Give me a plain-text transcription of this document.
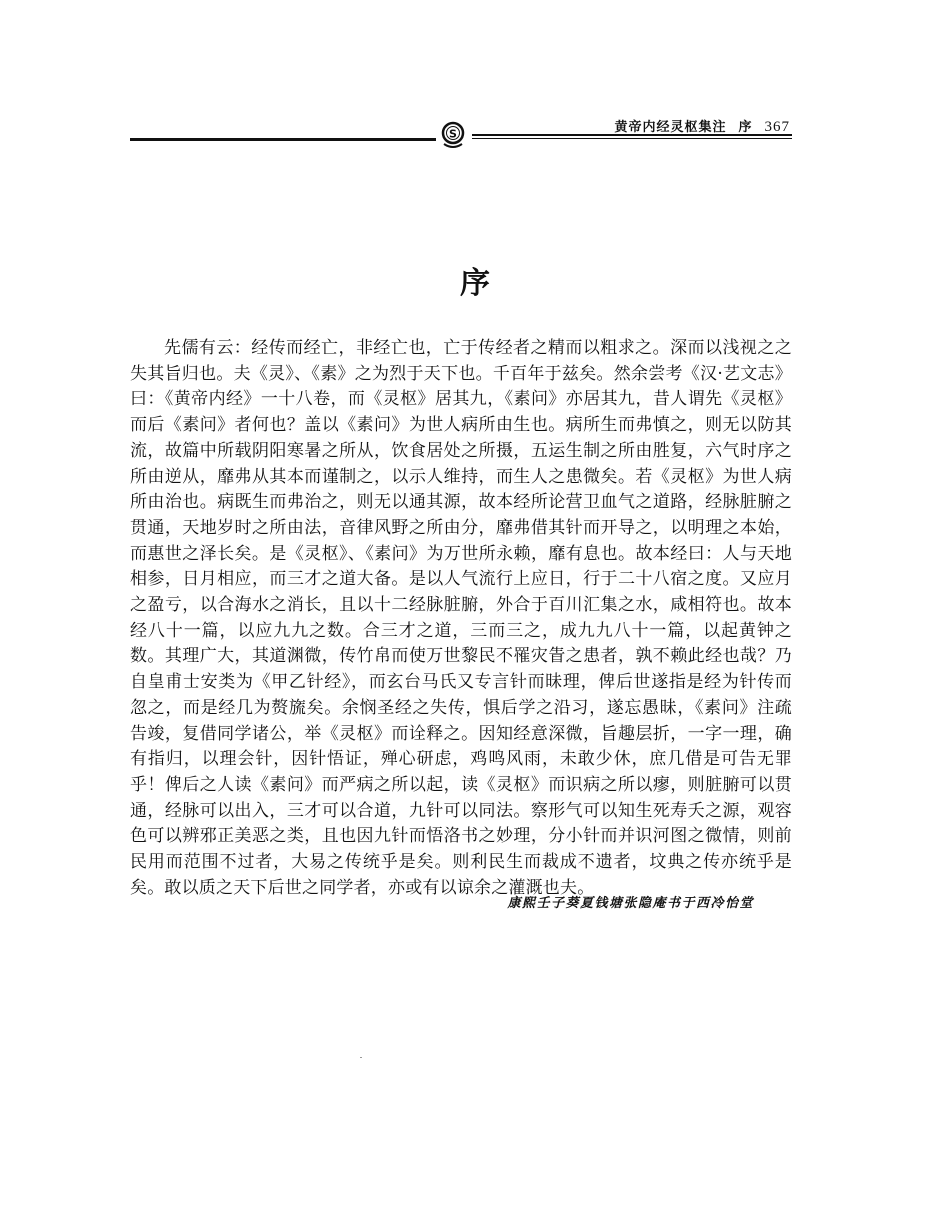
S	黄帝内经灵枢集注 序 367
序
先儒有云：经传而经亡，非经亡也，亡于传经者之精而以粗求之。深而以浅视之之失其旨归也。夫《灵》、《素》之为烈于天下也。千百年于兹矣。然余尝考《汉·艺文志》曰：《黄帝内经》一十八卷，而《灵枢》居其九，《素问》亦居其九，昔人谓先《灵枢》而后《素问》者何也？盖以《素问》为世人病所由生也。病所生而弗慎之，则无以防其流，故篇中所载阴阳寒暑之所从，饮食居处之所摄，五运生制之所由胜复，六气时序之所由逆从，靡弗从其本而谨制之，以示人维持，而生人之患微矣。若《灵枢》为世人病所由治也。病既生而弗治之，则无以通其源，故本经所论营卫血气之道路，经脉脏腑之贯通，天地岁时之所由法，音律风野之所由分，靡弗借其针而开导之，以明理之本始，而惠世之泽长矣。是《灵枢》、《素问》为万世所永赖，靡有息也。故本经曰：人与天地相参，日月相应，而三才之道大备。是以人气流行上应日，行于二十八宿之度。又应月之盈亏，以合海水之消长，且以十二经脉脏腑，外合于百川汇集之水，咸相符也。故本经八十一篇，以应九九之数。合三才之道，三而三之，成九九八十一篇，以起黄钟之数。其理广大，其道渊微，传竹帛而使万世黎民不罹灾眚之患者，孰不赖此经也哉？乃自皇甫士安类为《甲乙针经》，而玄台马氏又专言针而昧理，俾后世遂指是经为针传而忽之，而是经几为赘旒矣。余悯圣经之失传，惧后学之沿习，遂忘愚昧，《素问》注疏告竣，复借同学诸公，举《灵枢》而诠释之。因知经意深微，旨趣层折，一字一理，确有指归，以理会针，因针悟证，殚心研虑，鸡鸣风雨，未敢少休，庶几借是可告无罪乎！俾后之人读《素问》而严病之所以起，读《灵枢》而识病之所以瘳，则脏腑可以贯通，经脉可以出入，三才可以合道，九针可以同法。察形气可以知生死寿夭之源，观容色可以辨邪正美恶之类，且也因九针而悟洛书之妙理，分小针而并识河图之微情，则前民用而范围不过者，大易之传统乎是矣。则利民生而裁成不遗者，坟典之传亦统乎是矣。敢以质之天下后世之同学者，亦或有以谅余之灌溉也夫。
康熙壬子葵夏钱塘张隐庵书于西冷怡堂
